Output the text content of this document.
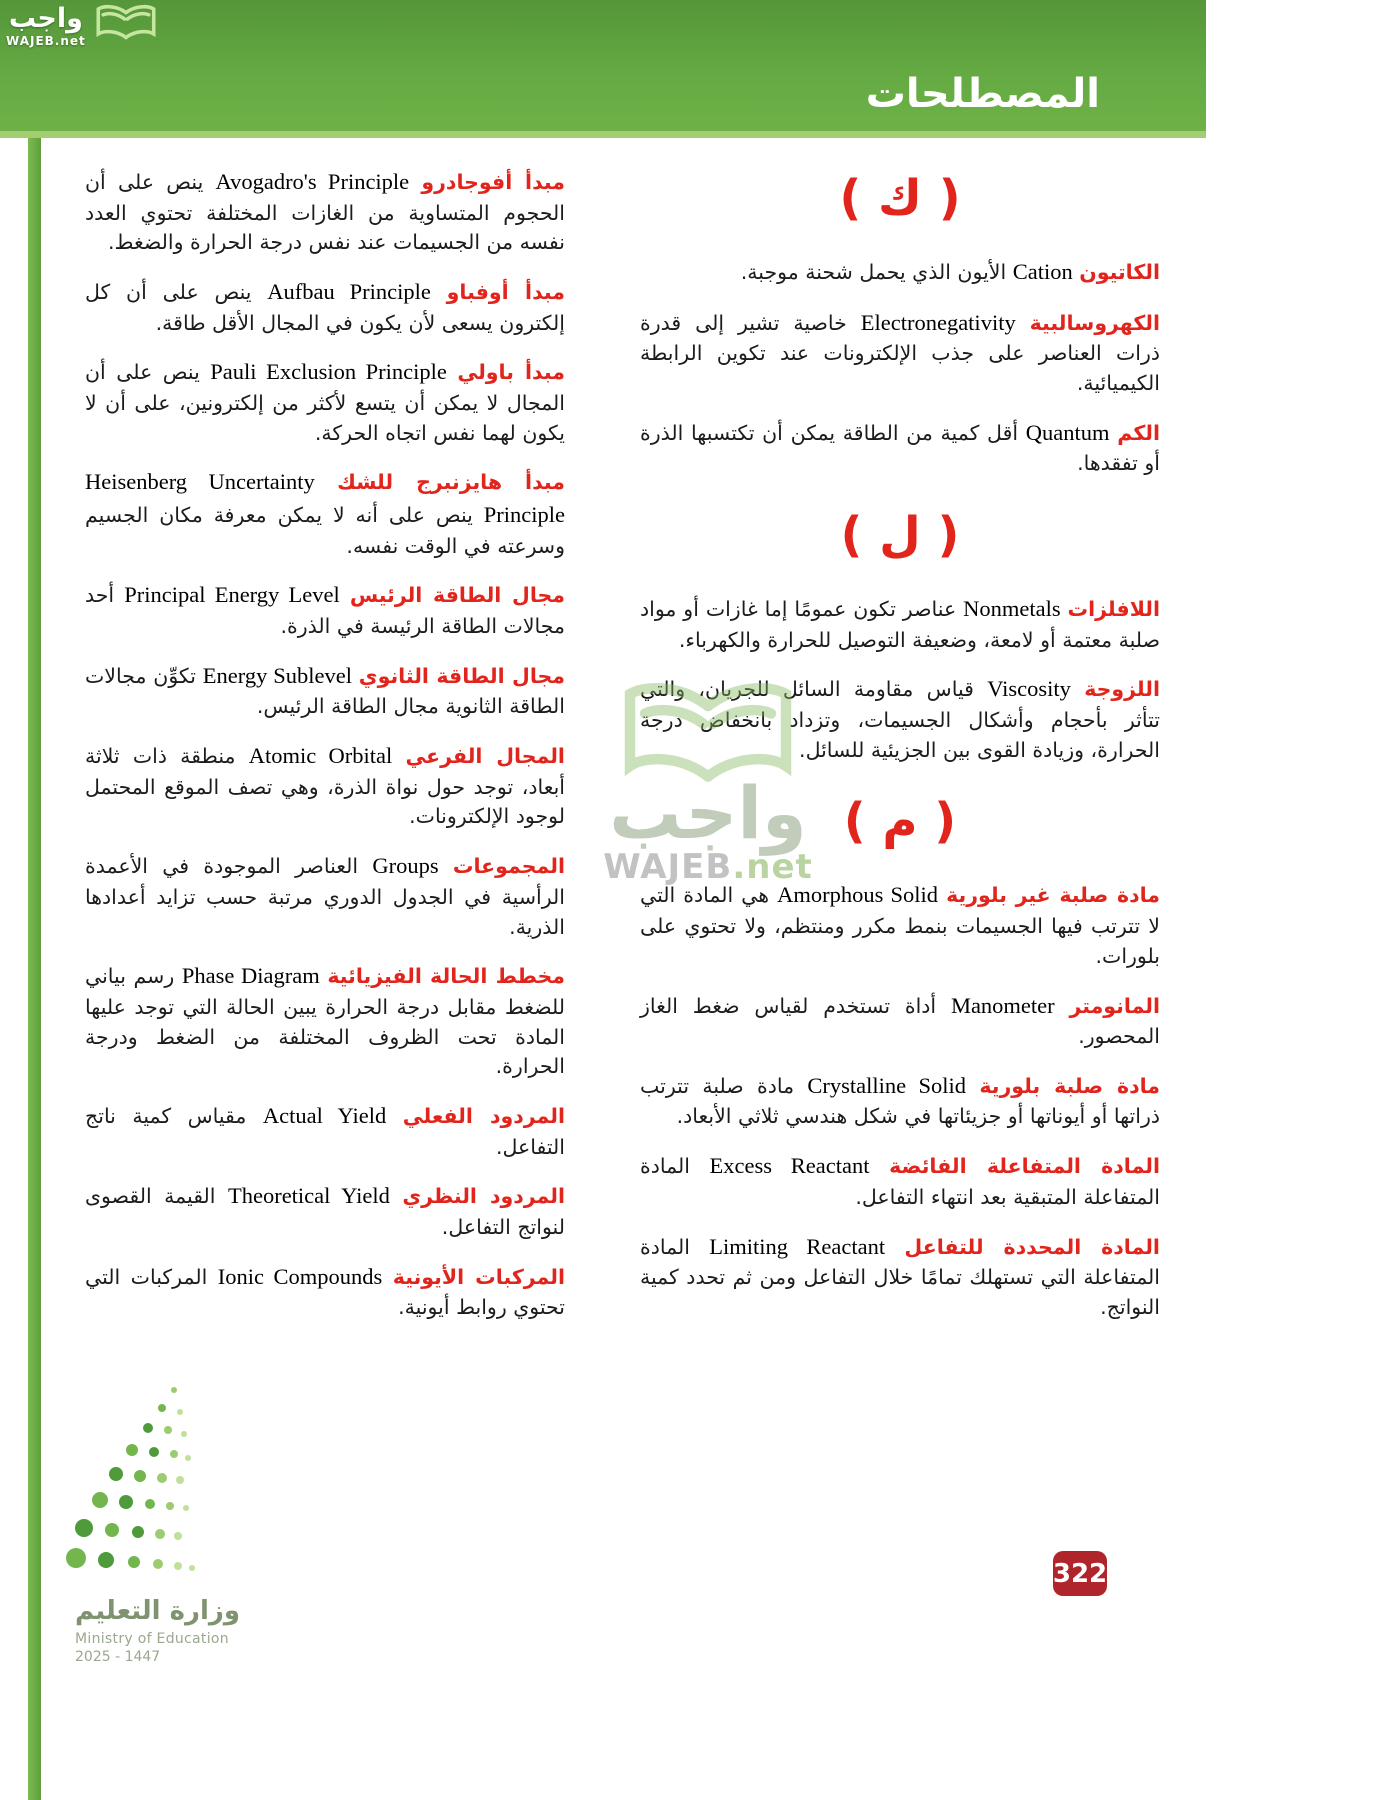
المصطلحات
واجب
WAJEB.net
( ك )

الكاتيون Cation الأيون الذي يحمل شحنة موجبة.

الكهروسالبية Electronegativity خاصية تشير إلى قدرة ذرات العناصر على جذب الإلكترونات عند تكوين الرابطة الكيميائية.

الكم Quantum أقل كمية من الطاقة يمكن أن تكتسبها الذرة أو تفقدها.

( ل )

اللافلزات Nonmetals عناصر تكون عمومًا إما غازات أو مواد صلبة معتمة أو لامعة، وضعيفة التوصيل للحرارة والكهرباء.

اللزوجة Viscosity قياس مقاومة السائل للجريان، والتي تتأثر بأحجام وأشكال الجسيمات، وتزداد بانخفاض درجة الحرارة، وزيادة القوى بين الجزيئية للسائل.

( م )

مادة صلبة غير بلورية Amorphous Solid هي المادة التي لا تترتب فيها الجسيمات بنمط مكرر ومنتظم، ولا تحتوي على بلورات.

المانومتر Manometer أداة تستخدم لقياس ضغط الغاز المحصور.

مادة صلبة بلورية Crystalline Solid مادة صلبة تترتب ذراتها أو أيوناتها أو جزيئاتها في شكل هندسي ثلاثي الأبعاد.

المادة المتفاعلة الفائضة Excess Reactant المادة المتفاعلة المتبقية بعد انتهاء التفاعل.

المادة المحددة للتفاعل Limiting Reactant المادة المتفاعلة التي تستهلك تمامًا خلال التفاعل ومن ثم تحدد كمية النواتج.

مبدأ أفوجادرو Avogadro's Principle ينص على أن الحجوم المتساوية من الغازات المختلفة تحتوي العدد نفسه من الجسيمات عند نفس درجة الحرارة والضغط.

مبدأ أوفباو Aufbau Principle ينص على أن كل إلكترون يسعى لأن يكون في المجال الأقل طاقة.

مبدأ باولي Pauli Exclusion Principle ينص على أن المجال لا يمكن أن يتسع لأكثر من إلكترونين، على أن لا يكون لهما نفس اتجاه الحركة.

مبدأ هايزنبرج للشك Heisenberg Uncertainty Principle ينص على أنه لا يمكن معرفة مكان الجسيم وسرعته في الوقت نفسه.

مجال الطاقة الرئيس Principal Energy Level أحد مجالات الطاقة الرئيسة في الذرة.

مجال الطاقة الثانوي Energy Sublevel تكوِّن مجالات الطاقة الثانوية مجال الطاقة الرئيس.

المجال الفرعي Atomic Orbital منطقة ذات ثلاثة أبعاد، توجد حول نواة الذرة، وهي تصف الموقع المحتمل لوجود الإلكترونات.

المجموعات Groups العناصر الموجودة في الأعمدة الرأسية في الجدول الدوري مرتبة حسب تزايد أعدادها الذرية.

مخطط الحالة الفيزيائية Phase Diagram رسم بياني للضغط مقابل درجة الحرارة يبين الحالة التي توجد عليها المادة تحت الظروف المختلفة من الضغط ودرجة الحرارة.

المردود الفعلي Actual Yield مقياس كمية ناتج التفاعل.

المردود النظري Theoretical Yield القيمة القصوى لنواتج التفاعل.

المركبات الأيونية Ionic Compounds المركبات التي تحتوي روابط أيونية.

واجب
WAJEB.net
وزارة التعليم
Ministry of Education
2025 - 1447
322
